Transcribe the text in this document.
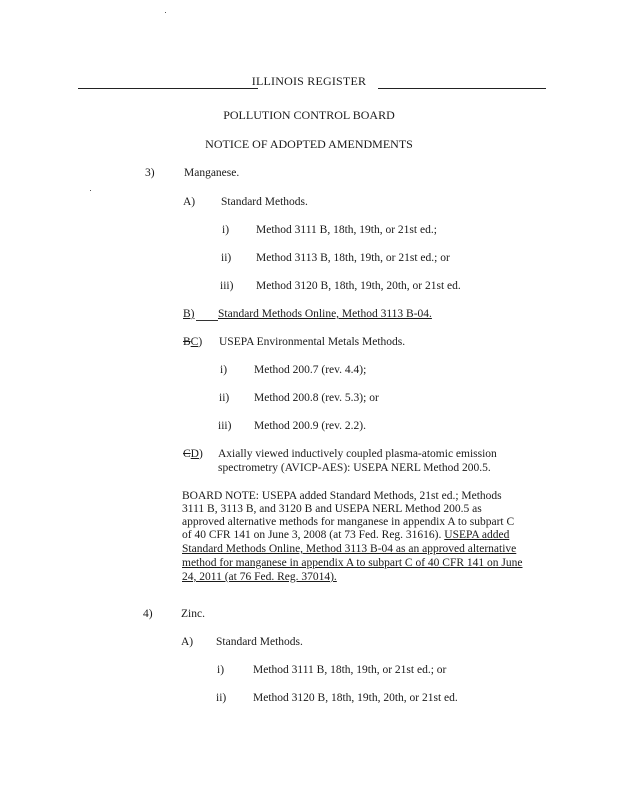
ILLINOIS REGISTER
POLLUTION CONTROL BOARD
NOTICE OF ADOPTED AMENDMENTS
3)	Manganese.
A) Standard Methods.
i) Method 3111 B, 18th, 19th, or 21st ed.;
ii) Method 3113 B, 18th, 19th, or 21st ed.; or
iii) Method 3120 B, 18th, 19th, 20th, or 21st ed.
B) Standard Methods Online, Method 3113 B-04.
BC) USEPA Environmental Metals Methods.
i) Method 200.7 (rev. 4.4);
ii) Method 200.8 (rev. 5.3); or
iii) Method 200.9 (rev. 2.2).
CD) Axially viewed inductively coupled plasma-atomic emission
spectrometry (AVICP-AES): USEPA NERL Method 200.5.
BOARD NOTE: USEPA added Standard Methods, 21st ed.; Methods
3111 B, 3113 B, and 3120 B and USEPA NERL Method 200.5 as
approved alternative methods for manganese in appendix A to subpart C
of 40 CFR 141 on June 3, 2008 (at 73 Fed. Reg. 31616). USEPA added
Standard Methods Online, Method 3113 B-04 as an approved alternative
method for manganese in appendix A to subpart C of 40 CFR 141 on June
24, 2011 (at 76 Fed. Reg. 37014).
4) Zinc.
A) Standard Methods.
i)	Method 3111 B, 18th, 19th, or 21st ed.; or
ii) Method 3120 B, 18th, 19th, 20th, or 21st ed.
